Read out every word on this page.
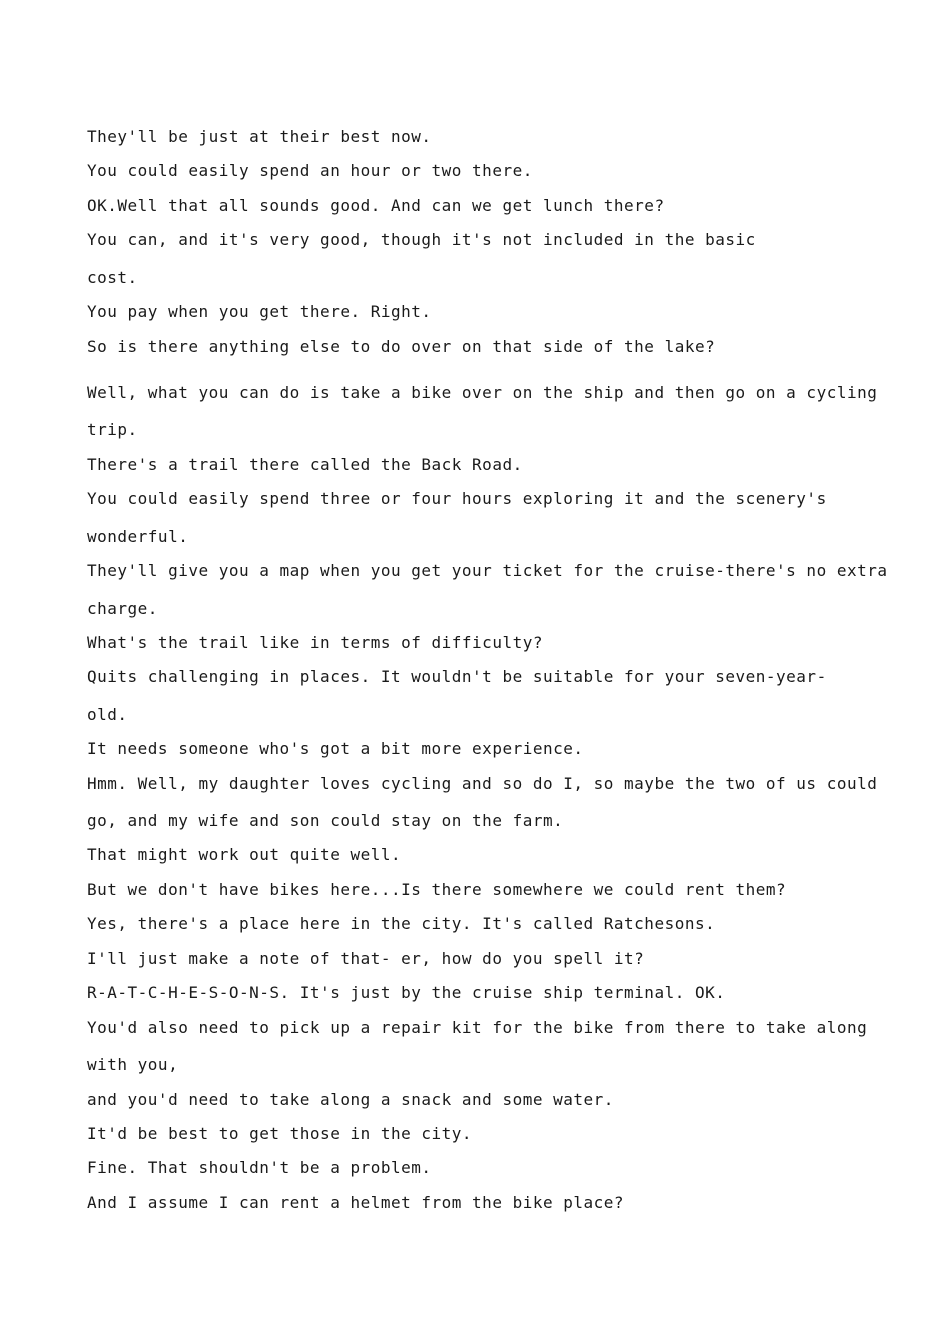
They'll be just at their best now.
You could easily spend an hour or two there.
OK.Well that all sounds good. And can we get lunch there?
You can, and it's very good, though it's not included in the basic
cost.
You pay when you get there. Right.
So is there anything else to do over on that side of the lake?
Well, what you can do is take a bike over on the ship and then go on a cycling
trip.
There's a trail there called the Back Road.
You could easily spend three or four hours exploring it and the scenery's
wonderful.
They'll give you a map when you get your ticket for the cruise-there's no extra
charge.
What's the trail like in terms of difficulty?
Quits challenging in places. It wouldn't be suitable for your seven-year-
old.
It needs someone who's got a bit more experience.
Hmm. Well, my daughter loves cycling and so do I, so maybe the two of us could
go, and my wife and son could stay on the farm.
That might work out quite well.
But we don't have bikes here...Is there somewhere we could rent them?
Yes, there's a place here in the city. It's called Ratchesons.
I'll just make a note of that- er, how do you spell it?
R-A-T-C-H-E-S-O-N-S. It's just by the cruise ship terminal. OK.
You'd also need to pick up a repair kit for the bike from there to take along
with you,
and you'd need to take along a snack and some water.
It'd be best to get those in the city.
Fine. That shouldn't be a problem.
And I assume I can rent a helmet from the bike place?
